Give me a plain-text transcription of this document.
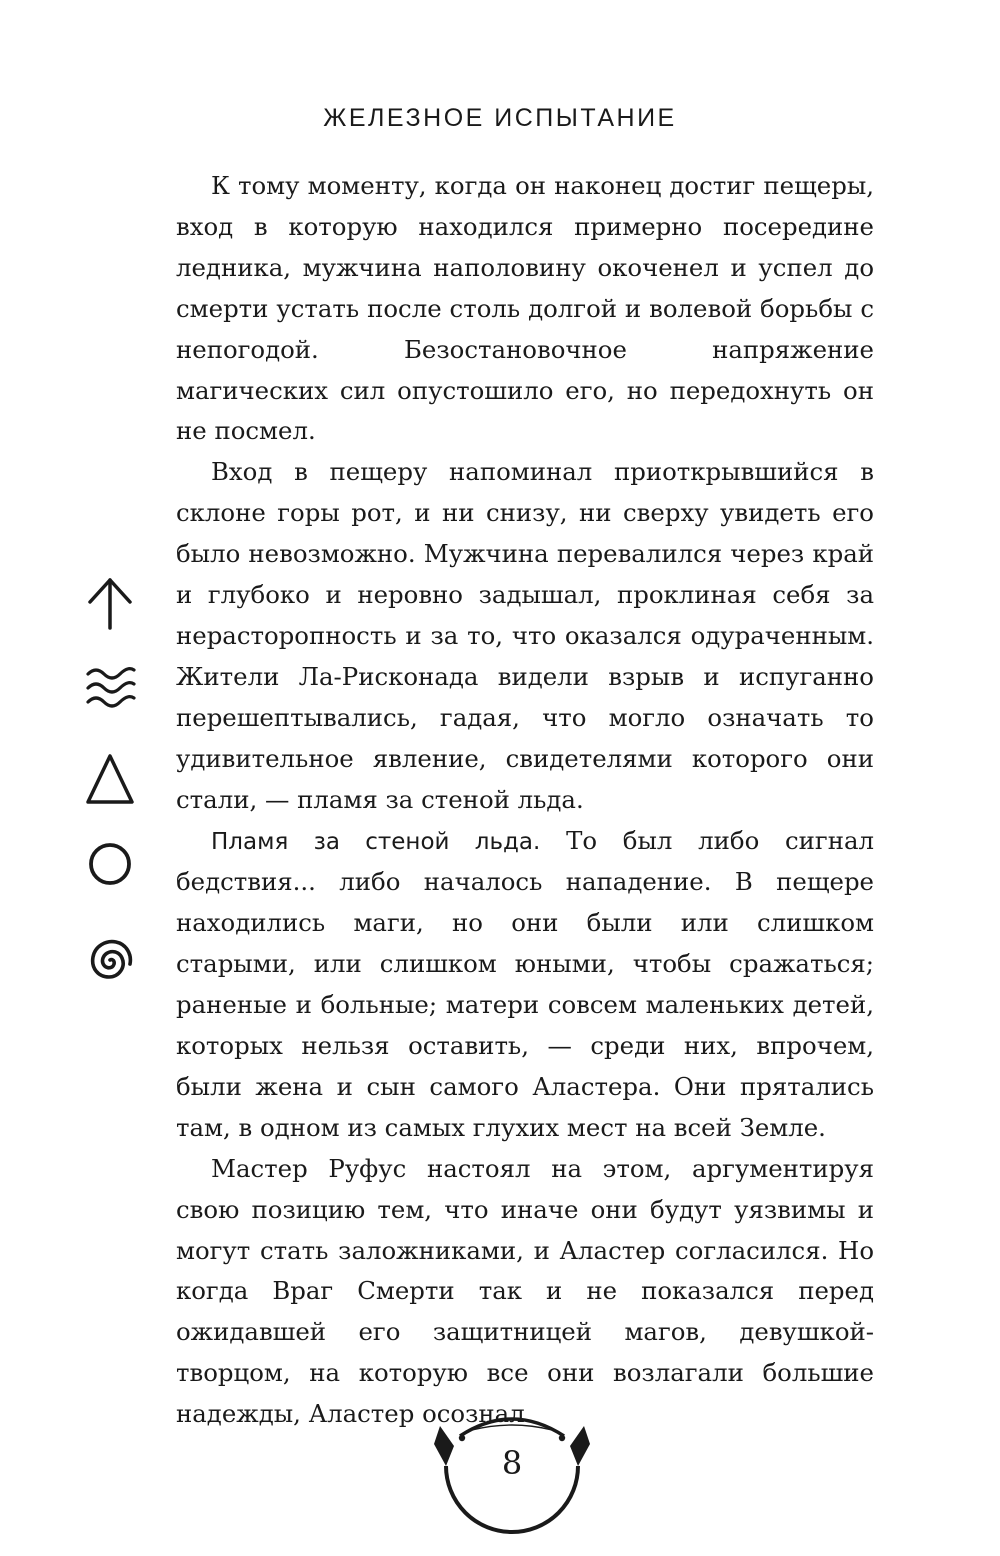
ЖЕЛЕЗНОЕ ИСПЫТАНИЕ

К тому моменту, когда он наконец достиг пещеры, вход в которую находился примерно посередине ледника, мужчина наполовину окоченел и успел до смерти устать после столь долгой и волевой борьбы с непогодой. Безостановочное напряжение магических сил опустошило его, но передохнуть он не посмел.

Вход в пещеру напоминал приоткрывшийся в склоне горы рот, и ни снизу, ни сверху увидеть его было невозможно. Мужчина перевалился через край и глубоко и неровно задышал, проклиная себя за нерасторопность и за то, что оказался одураченным. Жители Ла-Рисконада видели взрыв и испуганно перешептывались, гадая, что могло означать то удивительное явление, свидетелями которого они стали, — пламя за стеной льда.

Пламя за стеной льда. То был либо сигнал бедствия... либо началось нападение. В пещере находились маги, но они были или слишком старыми, или слишком юными, чтобы сражаться; раненые и больные; матери совсем маленьких детей, которых нельзя оставить, — среди них, впрочем, были жена и сын самого Аластера. Они прятались там, в одном из самых глухих мест на всей Земле.

Мастер Руфус настоял на этом, аргументируя свою позицию тем, что иначе они будут уязвимы и могут стать заложниками, и Аластер согласился. Но когда Враг Смерти так и не показался перед ожидавшей его защитницей магов, девушкой-творцом, на которую все они возлагали большие надежды, Аластер осознал

8
